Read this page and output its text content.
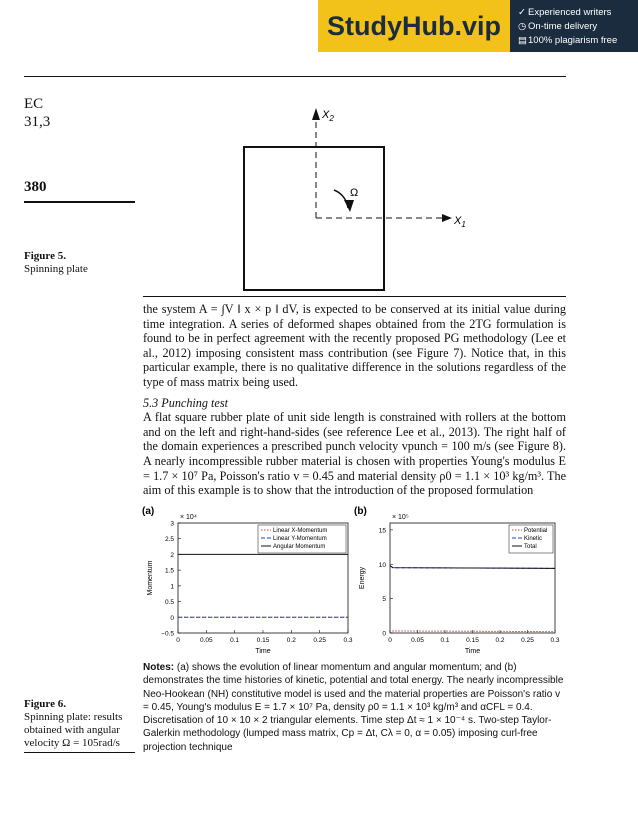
StudyHub.vip	✓ Experienced writers
◷ On-time delivery
▤100% plagiarism free
EC
31,3
380
Figure 5.
Spinning plate
Ω
$X_1$
$X_2$

the system A = ∫V ‖ x × p ‖ dV, is expected to be conserved at its initial value during time integration. A series of deformed shapes obtained from the 2TG formulation is found to be in perfect agreement with the recently proposed PG methodology (Lee et al., 2012) imposing consistent mass contribution (see Figure 7). Notice that, in this particular example, there is no qualitative difference in the solutions regardless of the type of mass matrix being used.

5.3 Punching test

A flat square rubber plate of unit side length is constrained with rollers at the bottom and on the left and right-hand-sides (see reference Lee et al., 2013). The right half of the domain experiences a prescribed punch velocity vpunch = 100 m/s (see Figure 8). A nearly incompressible rubber material is chosen with properties Young's modulus E = 1.7 × 10⁷ Pa, Poisson's ratio v = 0.45 and material density ρ0 = 1.1 × 10³ kg/m³. The aim of this example is to show that the introduction of the proposed formulation

(a)
× 10⁴
0	0.05	0.1	0.15	0.2	0.25	0.3
−0.5
0
0.5
1
1.5
2
2.5
3
Time
Momentum
Linear X-Momentum
Linear Y-Momentum
Angular Momentum
(b)
× 10⁵
0	0.05	0.1	0.15	0.2	0.25	0.3
0
5
10
15
Time
Energy
Potential
Kinetic
Total
Figure 6.
Spinning plate: results
obtained with angular
velocity Ω = 105rad/s
Notes: (a) shows the evolution of linear momentum and angular momentum; and (b) demonstrates the time histories of kinetic, potential and total energy. The nearly incompressible Neo-Hookean (NH) constitutive model is used and the material properties are Poisson's ratio v = 0.45, Young's modulus E = 1.7 × 10⁷ Pa, density ρ0 = 1.1 × 10³ kg/m³ and αCFL = 0.4. Discretisation of 10 × 10 × 2 triangular elements. Time step Δt ≈ 1 × 10⁻⁴ s. Two-step Taylor-Galerkin methodology (lumped mass matrix, Cp = Δt, Cλ = 0, α = 0.05) imposing curl-free projection technique
